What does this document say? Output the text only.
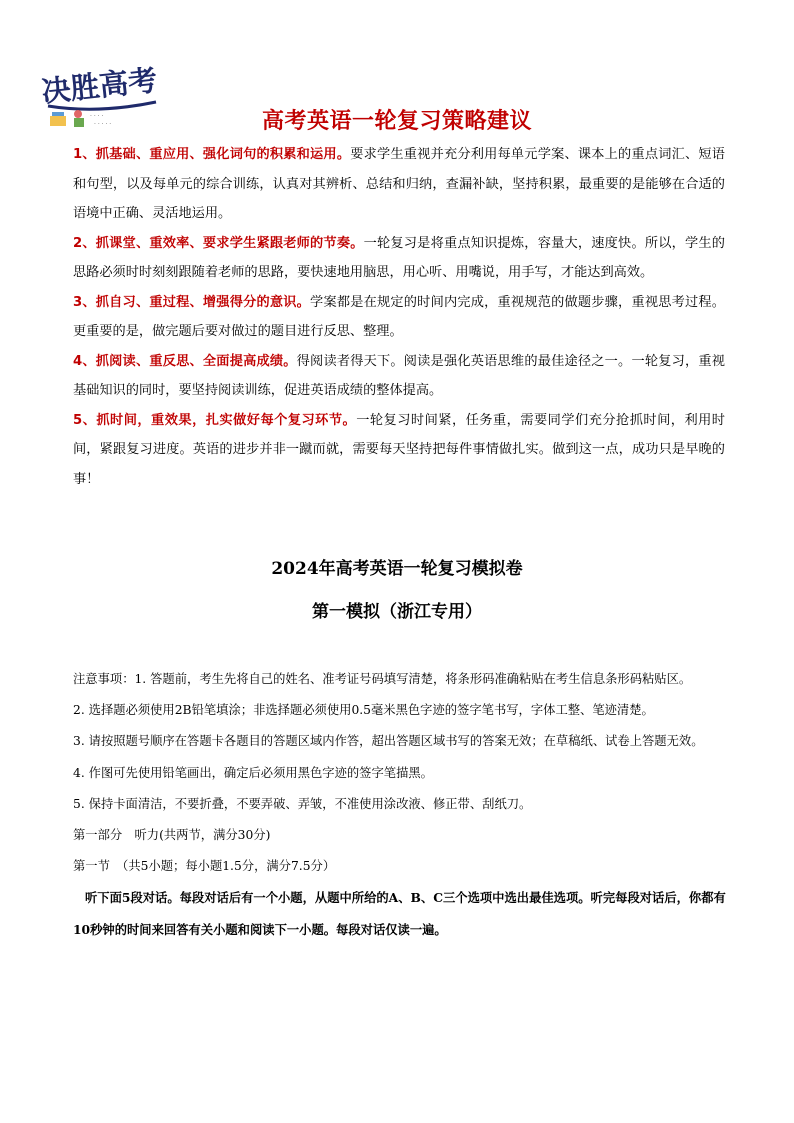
决胜高考
· · · ·
· · · · ·	高考英语一轮复习策略建议

1、抓基础、重应用、强化词句的积累和运用。要求学生重视并充分利用每单元学案、课本上的重点词汇、短语和句型，以及每单元的综合训练，认真对其辨析、总结和归纳，查漏补缺，坚持积累，最重要的是能够在合适的语境中正确、灵活地运用。

2、抓课堂、重效率、要求学生紧跟老师的节奏。一轮复习是将重点知识提炼，容量大，速度快。所以，学生的思路必须时时刻刻跟随着老师的思路，要快速地用脑思，用心听、用嘴说，用手写，才能达到高效。

3、抓自习、重过程、增强得分的意识。学案都是在规定的时间内完成，重视规范的做题步骤，重视思考过程。更重要的是，做完题后要对做过的题目进行反思、整理。

4、抓阅读、重反思、全面提高成绩。得阅读者得天下。阅读是强化英语思维的最佳途径之一。一轮复习，重视基础知识的同时，要坚持阅读训练，促进英语成绩的整体提高。

5、抓时间，重效果，扎实做好每个复习环节。一轮复习时间紧，任务重，需要同学们充分抢抓时间，利用时间，紧跟复习进度。英语的进步并非一蹴而就，需要每天坚持把每件事情做扎实。做到这一点，成功只是早晚的事！

2024年高考英语一轮复习模拟卷
第一模拟（浙江专用）

注意事项：1. 答题前，考生先将自己的姓名、准考证号码填写清楚，将条形码准确粘贴在考生信息条形码粘贴区。

2. 选择题必须使用2B铅笔填涂；非选择题必须使用0.5毫米黑色字迹的签字笔书写，字体工整、笔迹清楚。

3. 请按照题号顺序在答题卡各题目的答题区域内作答，超出答题区域书写的答案无效；在草稿纸、试卷上答题无效。

4. 作图可先使用铅笔画出，确定后必须用黑色字迹的签字笔描黑。

5. 保持卡面清洁，不要折叠，不要弄破、弄皱，不准使用涂改液、修正带、刮纸刀。

第一部分　听力(共两节，满分30分)

第一节　（共5小题；每小题1.5分，满分7.5分）

听下面5段对话。每段对话后有一个小题，从题中所给的A、B、C三个选项中选出最佳选项。听完每段对话后，你都有10秒钟的时间来回答有关小题和阅读下一小题。每段对话仅读一遍。
